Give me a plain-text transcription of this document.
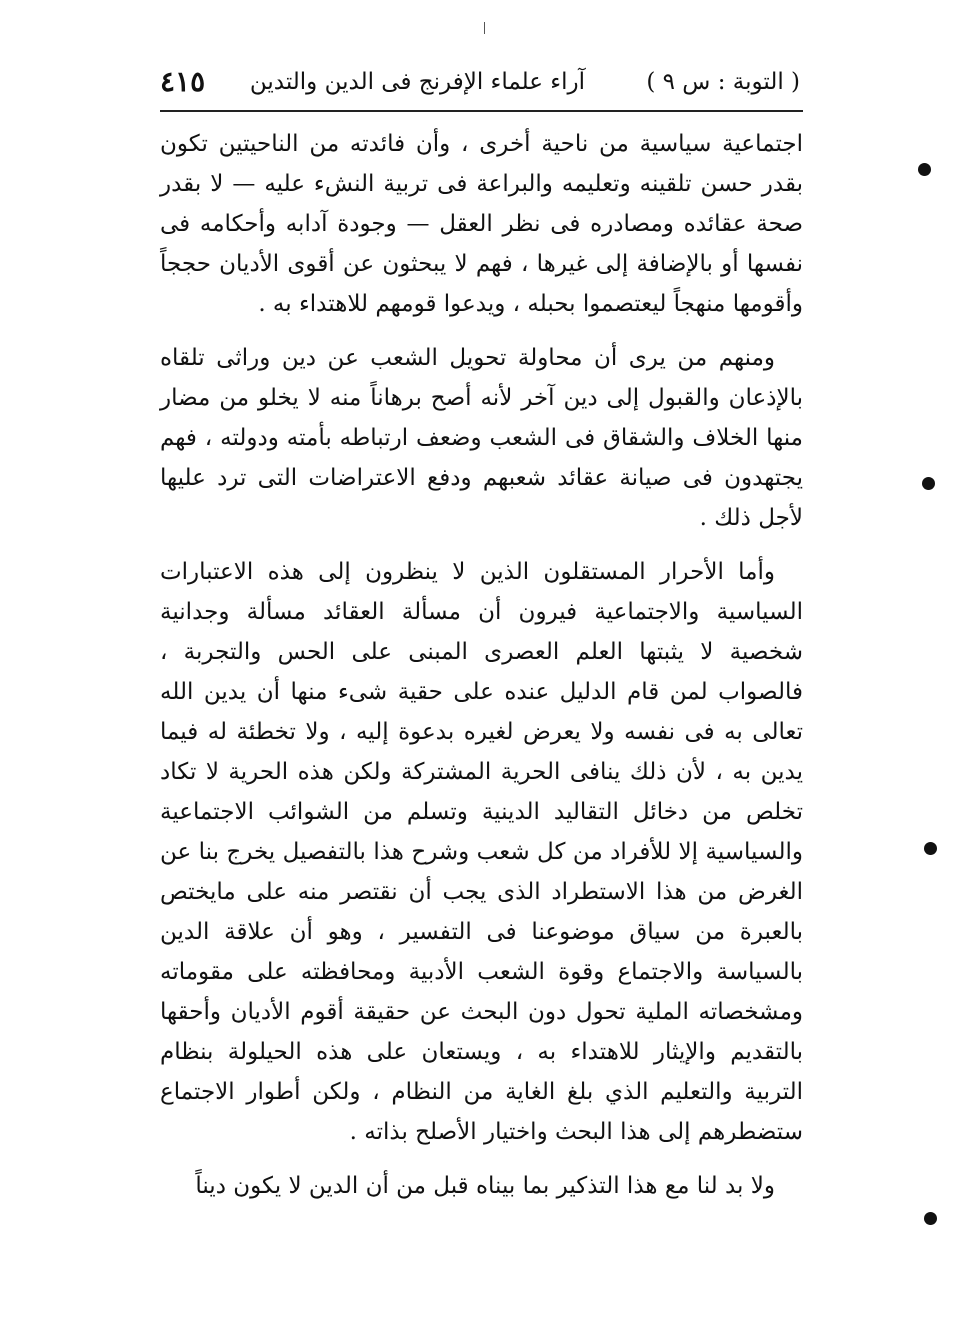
( التوبة : س ٩ )
آراء علماء الإفرنج فى الدين والتدين
٤١٥

اجتماعية سياسية من ناحية أخرى ، وأن فائدته من الناحيتين تكون بقدر حسن تلقينه وتعليمه والبراعة فى تربية النشء عليه — لا بقدر صحة عقائده ومصادره فى نظر العقل — وجودة آدابه وأحكامه فى نفسها أو بالإضافة إلى غيرها ، فهم لا يبحثون عن أقوى الأديان حججاً وأقومها منهجاً ليعتصموا بحبله ، ويدعوا قومهم للاهتداء به .

ومنهم من يرى أن محاولة تحويل الشعب عن دين وراثى تلقاه بالإذعان والقبول إلى دين آخر لأنه أصح برهاناً منه لا يخلو من مضار منها الخلاف والشقاق فى الشعب وضعف ارتباطه بأمته ودولته ، فهم يجتهدون فى صيانة عقائد شعبهم ودفع الاعتراضات التى ترد عليها لأجل ذلك .

وأما الأحرار المستقلون الذين لا ينظرون إلى هذه الاعتبارات السياسية والاجتماعية فيرون أن مسألة العقائد مسألة وجدانية شخصية لا يثبتها العلم العصرى المبنى على الحس والتجربة ، فالصواب لمن قام الدليل عنده على حقية شىء منها أن يدين الله تعالى به فى نفسه ولا يعرض لغيره بدعوة إليه ، ولا تخطئة له فيما يدين به ، لأن ذلك ينافى الحرية المشتركة ولكن هذه الحرية لا تكاد تخلص من دخائل التقاليد الدينية وتسلم من الشوائب الاجتماعية والسياسية إلا للأفراد من كل شعب وشرح هذا بالتفصيل يخرج بنا عن الغرض من هذا الاستطراد الذى يجب أن نقتصر منه على مايختص بالعبرة من سياق موضوعنا فى التفسير ، وهو أن علاقة الدين بالسياسة والاجتماع وقوة الشعب الأدبية ومحافظته على مقوماته ومشخصاته الملية تحول دون البحث عن حقيقة أقوم الأديان وأحقها بالتقديم والإيثار للاهتداء به ، ويستعان على هذه الحيلولة بنظام التربية والتعليم الذي بلغ الغاية من النظام ، ولكن أطوار الاجتماع ستضطرهم إلى هذا البحث واختيار الأصلح بذاته .

ولا بد لنا مع هذا التذكير بما بيناه قبل من أن الدين لا يكون ديناً
